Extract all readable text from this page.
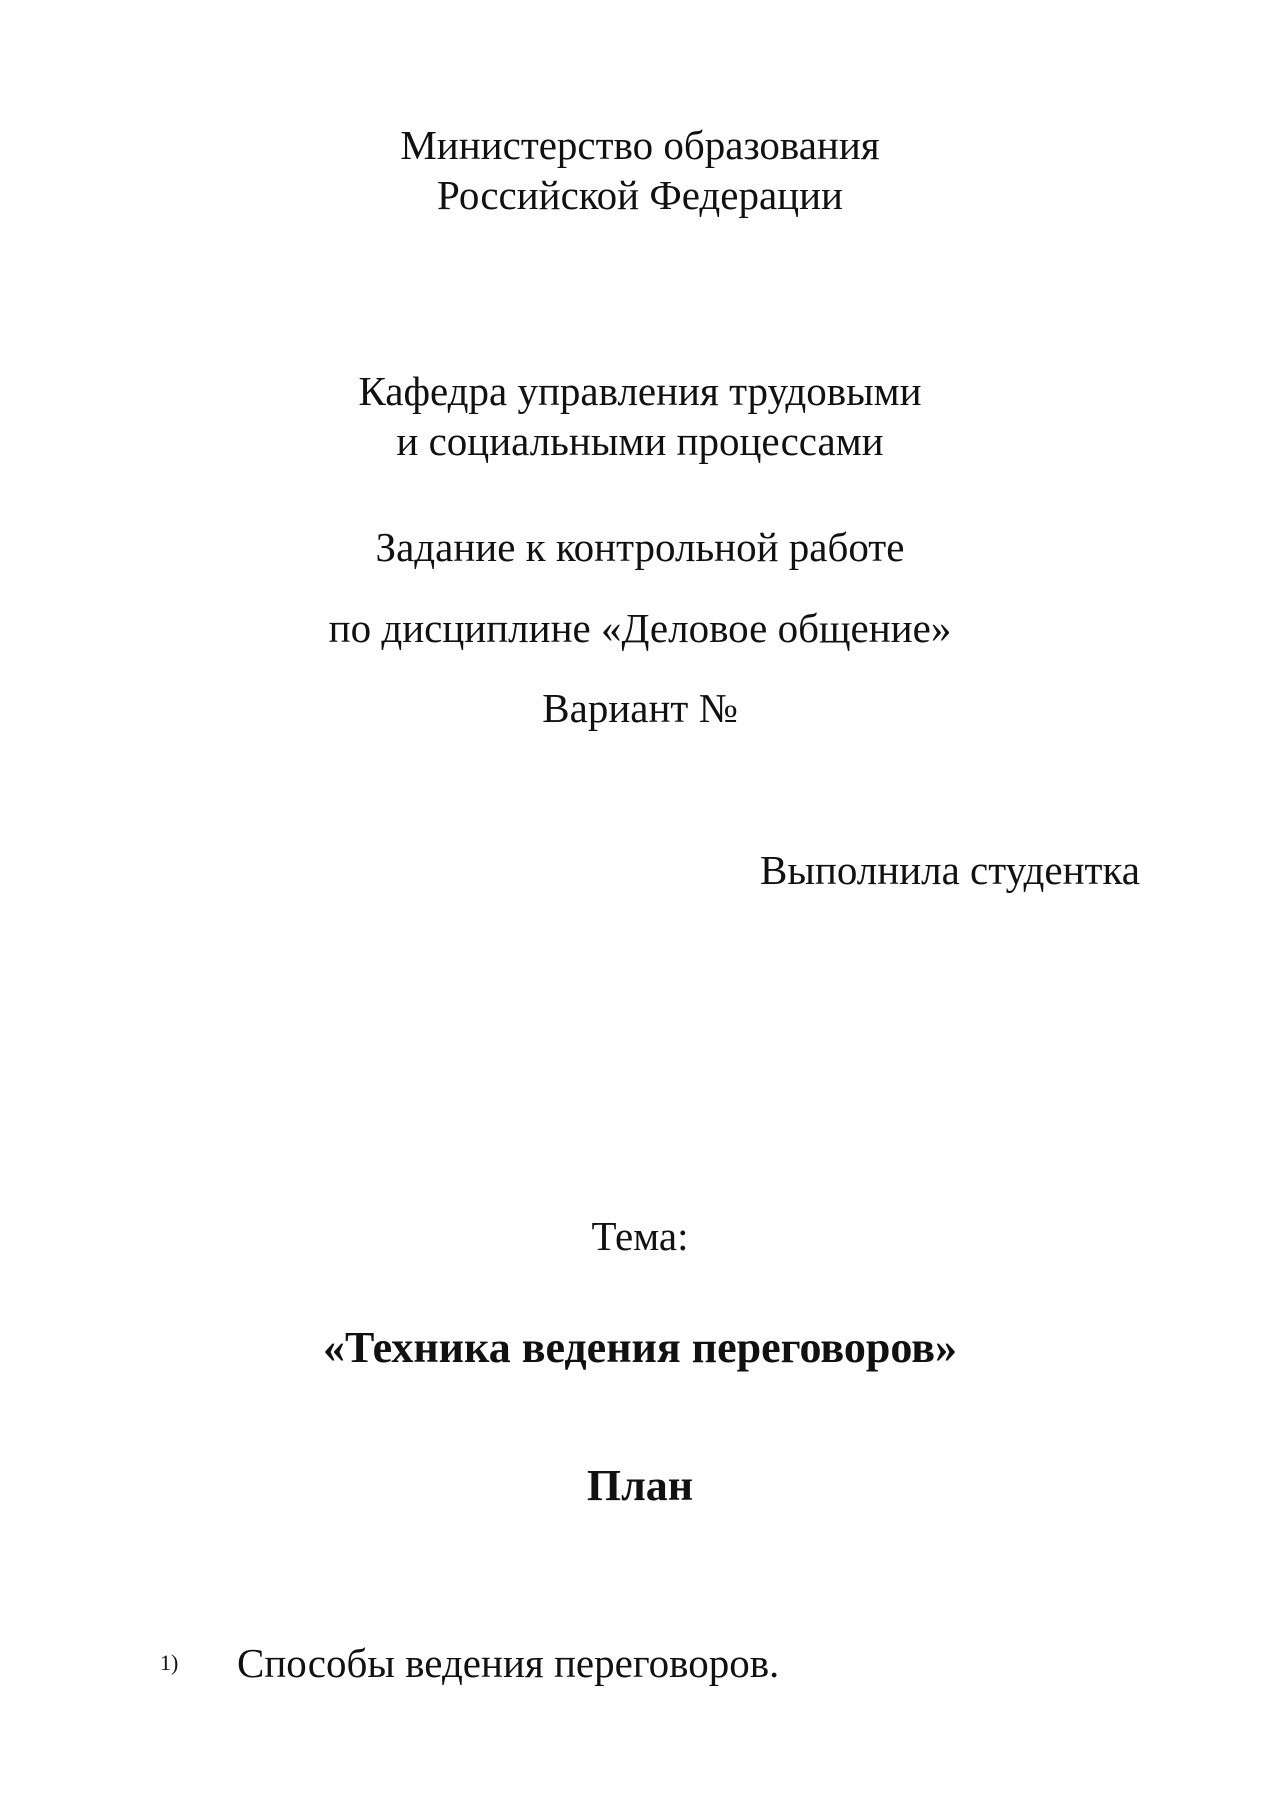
Министерство образования
Российской Федерации
Кафедра управления трудовыми
и социальными процессами
Задание к контрольной работе
по дисциплине «Деловое общение»
Вариант №
Выполнила студентка
Тема:
«Техника ведения переговоров»
План
1) Способы ведения переговоров.
